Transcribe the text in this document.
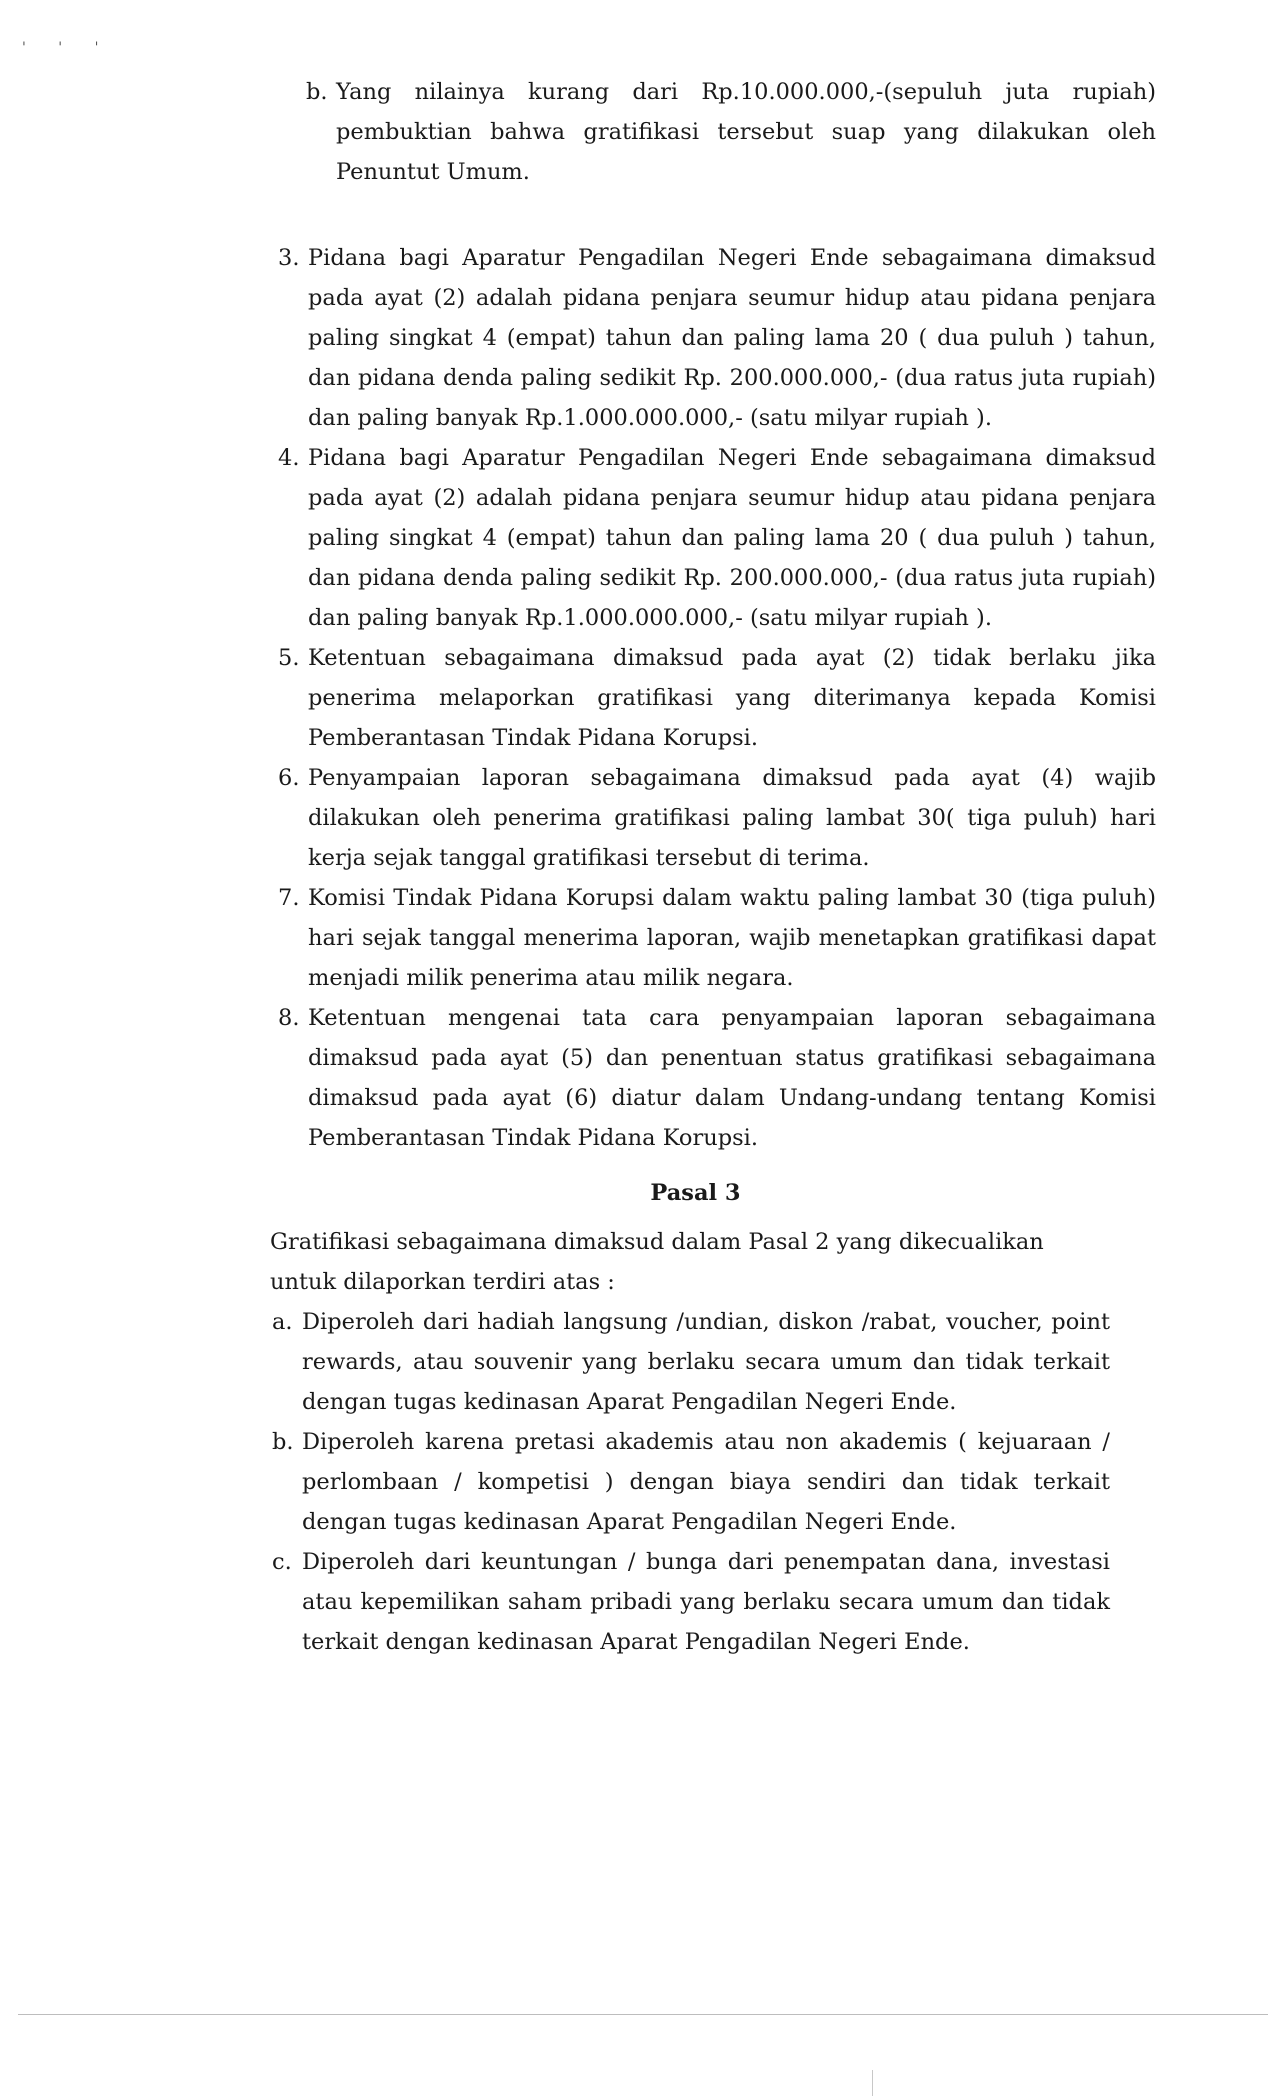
' ' '
b. Yang nilainya kurang dari Rp.10.000.000,-(sepuluh juta rupiah) pembuktian bahwa gratifikasi tersebut suap yang dilakukan oleh Penuntut Umum.
3. Pidana bagi Aparatur Pengadilan Negeri Ende sebagaimana dimaksud pada ayat (2) adalah pidana penjara seumur hidup atau pidana penjara paling singkat 4 (empat) tahun dan paling lama 20 ( dua puluh ) tahun, dan pidana denda paling sedikit Rp. 200.000.000,- (dua ratus juta rupiah) dan paling banyak Rp.1.000.000.000,- (satu milyar rupiah ).
4. Pidana bagi Aparatur Pengadilan Negeri Ende sebagaimana dimaksud pada ayat (2) adalah pidana penjara seumur hidup atau pidana penjara paling singkat 4 (empat) tahun dan paling lama 20 ( dua puluh ) tahun, dan pidana denda paling sedikit Rp. 200.000.000,- (dua ratus juta rupiah) dan paling banyak Rp.1.000.000.000,- (satu milyar rupiah ).
5. Ketentuan sebagaimana dimaksud pada ayat (2) tidak berlaku jika penerima melaporkan gratifikasi yang diterimanya kepada Komisi Pemberantasan Tindak Pidana Korupsi.
6. Penyampaian laporan sebagaimana dimaksud pada ayat (4) wajib dilakukan oleh penerima gratifikasi paling lambat 30( tiga puluh) hari kerja sejak tanggal gratifikasi tersebut di terima.
7. Komisi Tindak Pidana Korupsi dalam waktu paling lambat 30 (tiga puluh) hari sejak tanggal menerima laporan, wajib menetapkan gratifikasi dapat menjadi milik penerima atau milik negara.
8. Ketentuan mengenai tata cara penyampaian laporan sebagaimana dimaksud pada ayat (5) dan penentuan status gratifikasi sebagaimana dimaksud pada ayat (6) diatur dalam Undang-undang tentang Komisi Pemberantasan Tindak Pidana Korupsi.
Pasal 3
Gratifikasi sebagaimana dimaksud dalam Pasal 2 yang dikecualikan untuk dilaporkan terdiri atas :
a. Diperoleh dari hadiah langsung /undian, diskon /rabat, voucher, point rewards, atau souvenir yang berlaku secara umum dan tidak terkait dengan tugas kedinasan Aparat Pengadilan Negeri Ende.
b. Diperoleh karena pretasi akademis atau non akademis ( kejuaraan / perlombaan / kompetisi ) dengan biaya sendiri dan tidak terkait dengan tugas kedinasan Aparat Pengadilan Negeri Ende.
c. Diperoleh dari keuntungan / bunga dari penempatan dana, investasi atau kepemilikan saham pribadi yang berlaku secara umum dan tidak terkait dengan kedinasan Aparat Pengadilan Negeri Ende.
